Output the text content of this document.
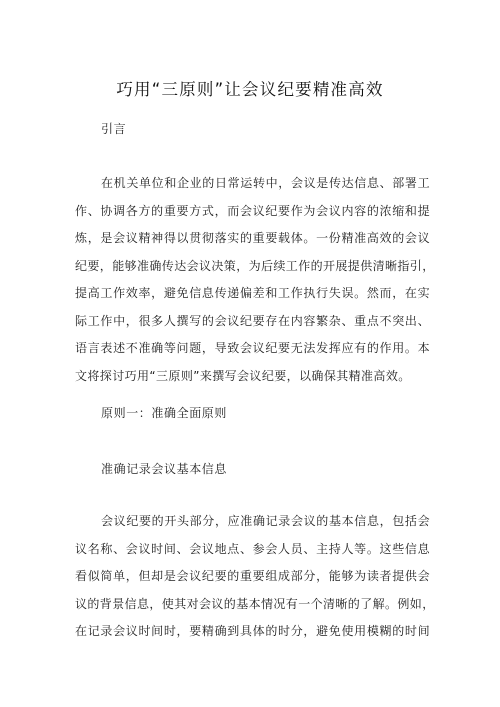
巧用“三原则”让会议纪要精准高效
引言
在机关单位和企业的日常运转中，会议是传达信息、部署工
作、协调各方的重要方式，而会议纪要作为会议内容的浓缩和提
炼，是会议精神得以贯彻落实的重要载体。一份精准高效的会议
纪要，能够准确传达会议决策，为后续工作的开展提供清晰指引，
提高工作效率，避免信息传递偏差和工作执行失误。然而，在实
际工作中，很多人撰写的会议纪要存在内容繁杂、重点不突出、
语言表述不准确等问题，导致会议纪要无法发挥应有的作用。本
文将探讨巧用“三原则”来撰写会议纪要，以确保其精准高效。
原则一：准确全面原则
准确记录会议基本信息
会议纪要的开头部分，应准确记录会议的基本信息，包括会
议名称、会议时间、会议地点、参会人员、主持人等。这些信息
看似简单，但却是会议纪要的重要组成部分，能够为读者提供会
议的背景信息，使其对会议的基本情况有一个清晰的了解。例如，
在记录会议时间时，要精确到具体的时分，避免使用模糊的时间
